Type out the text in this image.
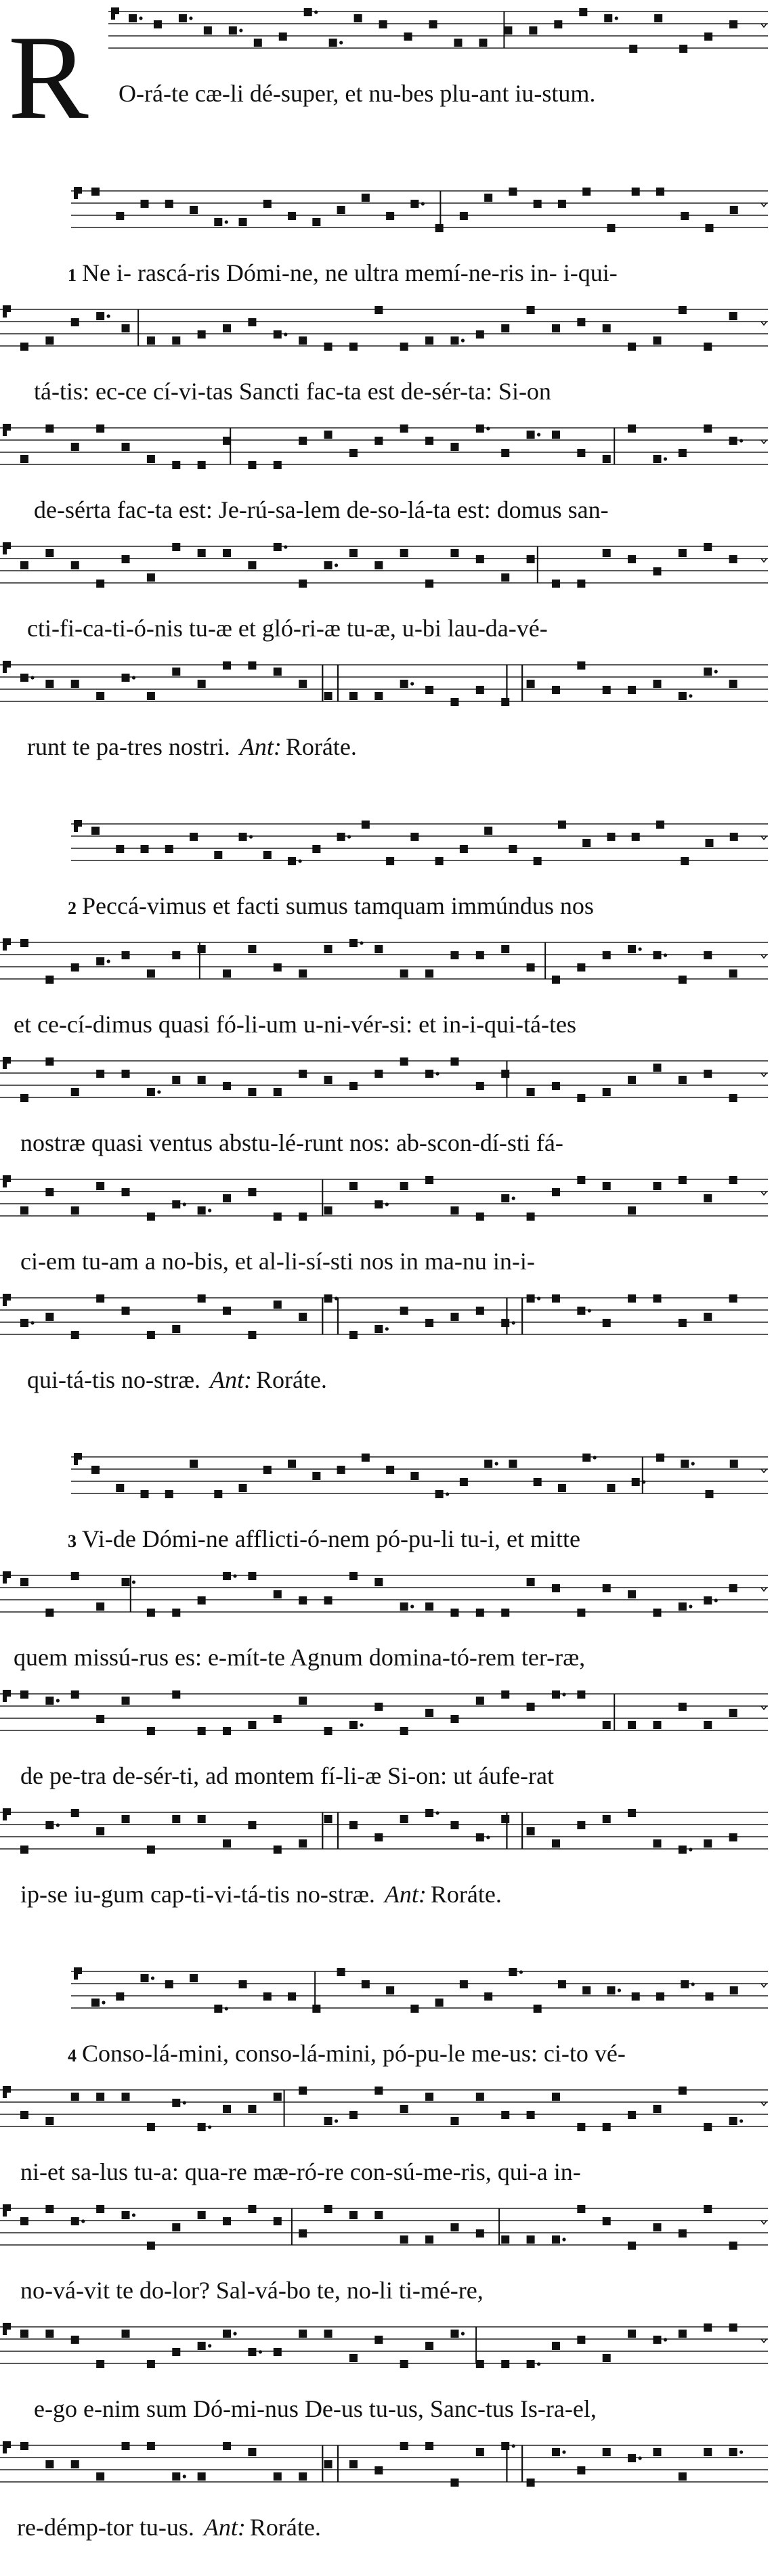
R O-rá-te cæ-li dé-super, et nu-bes plu-ant iu-stum.
1 Ne i- rascá-ris Dómi-ne, ne ultra memí-ne-ris in- i-qui-
tá-tis: ec-ce cí-vi-tas Sancti fac-ta est de-sér-ta: Si-on
de-sérta fac-ta est: Je-rú-sa-lem de-so-lá-ta est: domus san-
cti-fi-ca-ti-ó-nis tu-æ et gló-ri-æ tu-æ, u-bi lau-da-vé-
runt te pa-tres nostri. Ant: Roráte.
2 Peccá-vimus et facti sumus tamquam immúndus nos
et ce-cí-dimus quasi fó-li-um u-ni-vér-si: et in-i-qui-tá-tes
nostræ quasi ventus abstu-lé-runt nos: ab-scon-dí-sti fá-
ci-em tu-am a no-bis, et al-li-sí-sti nos in ma-nu in-i-
qui-tá-tis no-stræ. Ant: Roráte.
3 Vi-de Dómi-ne afflicti-ó-nem pó-pu-li tu-i, et mitte
quem missú-rus es: e-mít-te Agnum domina-tó-rem ter-ræ,
de pe-tra de-sér-ti, ad montem fí-li-æ Si-on: ut áufe-rat
ip-se iu-gum cap-ti-vi-tá-tis no-stræ. Ant: Roráte.
4 Conso-lá-mini, conso-lá-mini, pó-pu-le me-us: ci-to vé-
ni-et sa-lus tu-a: qua-re mæ-ró-re con-sú-me-ris, qui-a in-
no-vá-vit te do-lor? Sal-vá-bo te, no-li ti-mé-re,
e-go e-nim sum Dó-mi-nus De-us tu-us, Sanc-tus Is-ra-el,
re-démp-tor tu-us. Ant: Roráte.
